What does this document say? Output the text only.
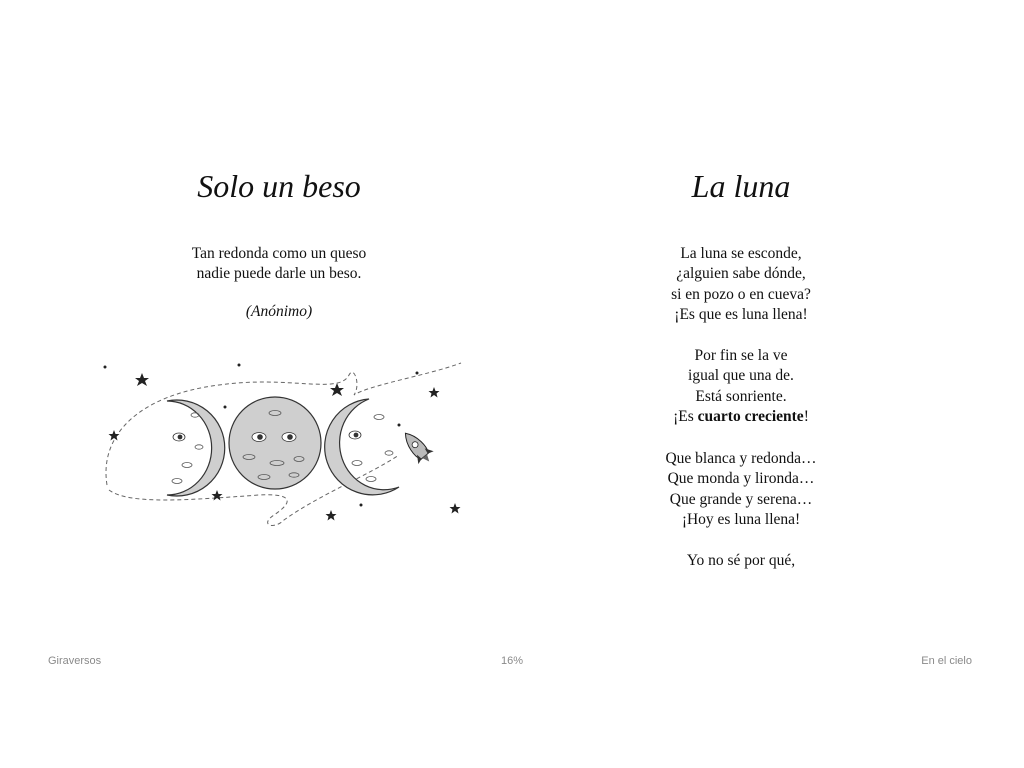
Solo un beso
Tan redonda como un queso
nadie puede darle un beso.
(Anónimo)
La luna
La luna se esconde,
¿alguien sabe dónde,
si en pozo o en cueva?
¡Es que es luna llena!
Por fin se la ve
igual que una de.
Está sonriente.
¡Es cuarto creciente!
Que blanca y redonda…
Que monda y lironda…
Que grande y serena…
¡Hoy es luna llena!
Yo no sé por qué,
16%
Giraversos	En el cielo
